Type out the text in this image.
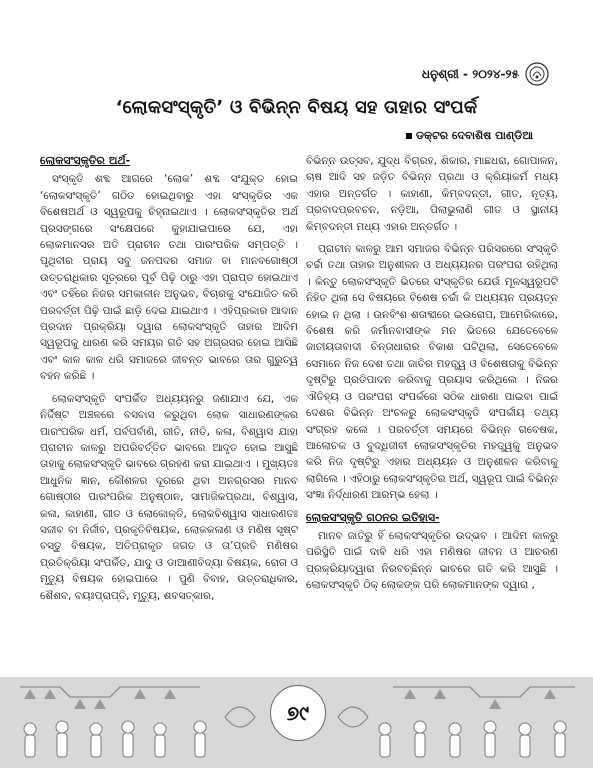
ଧନୁଶ୍ରୀ - ୨୦୨୪-୨୫
‘ଲୋକସଂସ୍କୃତି’ ଓ ବିଭିନ୍ନ ବିଷୟ ସହ ତାହାର ସଂପର୍କ
ଡକ୍ଟର ଦେବାଶିଷ ପାଣ୍ଡିଆ
ଲୋକସଂସ୍କୃତିର ଅର୍ଥ-

ସଂସ୍କୃତି ଶବ୍ଦ ଆଗରେ ‘ଲୋକ’ ଶବ୍ଦ ସଂଯୁକ୍ତ ହୋଇ ‘ଲୋକସଂସ୍କୃତି’ ଗଠିତ ହୋଇଥିବାରୁ ଏହା ସଂସ୍କୃତିର ଏକ ବିଶେଷଅର୍ଥ ଓ ସ୍ୱରୂପକୁ ଚିହ୍ନାଇଥାଏ । ଲୋକସଂସ୍କୃତିର ଅର୍ଥ ପ୍ରସଙ୍ଗରେ ସଂକ୍ଷେପରେ କୁହାଯାଇପାରେ ଯେ, ଏହା ଲୋକମାନସର ଅତି ପ୍ରାଚୀନ ତଥା ପାରଂପରିକ ସମ୍ପତ୍ତି । ପୃଥିବୀର ପ୍ରାୟ ସବୁ ଜନପଦର ସମାଜ ବା ମାନବଗୋଷ୍ଠୀ ଉତ୍ତରାଧିକାର ସୂତ୍ରରେ ପୂର୍ବ ପିଢ଼ି ଠାରୁ ଏହା ପ୍ରାପ୍ତ ହୋଇଥାଏ ଏବଂ ତହିଁରେ ନିଜର ସମକାଳୀନ ଅନୁଭବ, ବିଚାରକୁ ସଂଯୋଜିତ କରି ପରବର୍ତ୍ତୀ ପିଢ଼ି ପାଇଁ ଛାଡ଼ି ଦେଇ ଯାଇଥାଏ । ଏହିପ୍ରକାର ଆଦାନ ପ୍ରଦାନ ପ୍ରକ୍ରିୟା ଦ୍ୱାରା ଲୋକସଂସ୍କୃତି ତାହାର ଆଦିମ ସ୍ୱରୂପକୁ ଧାରଣ କରି ସମୟର ଗତି ସହ ଅଗ୍ରସର ହୋଇ ଆସିଛି ଏବଂ କାଳ କାଳ ଧରି ସମାଜରେ ଜୀବନ୍ତ ଭାବରେ ତାର ଗୁରୁତ୍ୱ ବହନ କରିଛି ।

ଲୋକସଂସ୍କୃତି ସଂପର୍କିତ ଅଧ୍ୟୟନରୁ ଜଣାଯାଏ ଯେ, ଏକ ନିର୍ଦ୍ଦିଷ୍ଟ ଅଞ୍ଚଳରେ ବସବାସ କରୁଥିବା ଲୋକ ସାଧାରଣଙ୍କର ପାରଂପରିକ ଧର୍ମ, ପର୍ବପର୍ବାଣି, ରୀତି, ନୀତି, କଳା, ବିଶ୍ୱାସ ଯାହା ପ୍ରାଚୀନ କାଳରୁ ଅପରିବର୍ତ୍ତିତ ଭାବରେ ଆଦୃତ ହୋଇ ଆସୁଛି ତାହାକୁ ଲୋକସଂସ୍କୃତି ଭାବରେ ଗ୍ରହଣ କରା ଯାଇଥାଏ । ମୁଖ୍ୟତଃ ଆଧୁନିକ ଜ୍ଞାନ, କୌଶଳର ଦୂରରେ ଥିବା ଅନଗ୍ରସର ମାନବ ଗୋଷ୍ଠୀର ପାରଂପରିକ ଅନୁଷ୍ଠାନ, ସାମାଜିକପ୍ରଥା, ବିଶ୍ୱାସ, କଳା, କାହାଣୀ, ଗୀତ ଓ ଲୋକୋକ୍ତି, ଲୋକବିଶ୍ୱାସ ସାଧାରଣତଃ ସଜୀବ ବା ନିର୍ଜୀବ, ପ୍ରକୃତିବିଷୟକ, ଲୋକକଳାଣ ଓ ମଣିଷ ସୃଷ୍ଟ ବସ୍ତୁ ବିଷୟକ, ଅତିପ୍ରାକୃତ ଜଗତ ଓ ତା’ପ୍ରତି ମଣିଷର ପ୍ରତିକ୍ରିୟା ସଂପର୍କିତ, ଯାଦୁ ଓ ଡାଆଣୀବିଦ୍ୟା ବିଷୟକ, ରୋଗ ଓ ମୃତ୍ୟୁ ବିଷୟକ ହୋଇପାରେ । ପୁଣି ବିବାହ, ଉତ୍ତରାଧିକାର, ଶୈଶବ, ବୟଃପ୍ରାପ୍ତି, ମୃତ୍ୟୁ, ଶବସତ୍କାର,

ବିଭିନ୍ନ ଉତ୍ସବ, ଯୁଦ୍ଧ ବିଗ୍ରହ, ଶିକାର, ମାଛଧରା, ଗୋପାଳନ, ଚାଷ ଆଦି ସହ ଜଡ଼ିତ ବିଭିନ୍ନ ପ୍ରଥା ଓ କ୍ରିୟାକର୍ମ ମଧ୍ୟ ଏହାର ଅନ୍ତର୍ଗତ । କାହାଣୀ, କିମ୍ବଦନ୍ତୀ, ଗୀତ, ନୃତ୍ୟ, ପ୍ରବାଦପ୍ରବଚନ, ନଡ଼ିଆ, ପିଲାଭୁଲାଣି ଗୀତ ଓ ସ୍ଥାନୀୟ କିମ୍ବଦନ୍ତୀ ମଧ୍ୟ ଏହାର ଅନ୍ତର୍ଗତ ।

ପ୍ରାଚୀନ କାଳରୁ ଆମ ସମାଜର ବିଭିନ୍ନ ପରିସରରେ ସଂସ୍କୃତି ଚର୍ଚ୍ଚା ତଥା ତାହାର ଅନୁଶୀଳନ ଓ ଅଧ୍ୟୟନର ପରଂପରା ରହିଥିଲା । କିନ୍ତୁ ଲୋକସଂସ୍କୃତି ଭିତରେ ସଂସ୍କୃତିର ଯେଉଁ ମୂଳସ୍ୱରୂପଟି ନିହିତ ଥିଲା ସେ ବିଷୟରେ ବିଶେଷ ଚର୍ଚ୍ଚା କି ଅଧ୍ୟୟନ ପ୍ରୟତ୍ନ ହୋଇ ନ ଥିଲା । ଉନବିଂଶ ଶତାବ୍ଦୀରେ ଇଉରୋପ, ଆମେରିକାରେ, ବିଶେଷ କରି ଜର୍ମାନବାସୀଙ୍କ ମନ ଭିତରେ ଯେତେବେଳେ ଜାତୀୟତାବାଦୀ ଚିନ୍ତାଧାରାର ବିକାଶ ଘଟିଥିଲା, ସେତେବେଳେ ସେମାନେ ନିଜ ଦେଶ ତଥା ଜାତିର ମହତ୍ତ୍ୱ ଓ ବିଶେଷତାକୁ ବିଭିନ୍ନ ଦୃଷ୍ଟିରୁ ପ୍ରତିପାଦନ କରିବାକୁ ପ୍ରୟାସ କରିଥିଲେ । ନିଜର ଐତିହ୍ୟ ଓ ପରଂପରା ସଂପର୍କରେ ସଠିକ ଧାରଣା ପାଇବା ପାଇଁ ଦେଶର ବିଭିନ୍ନ ଅଂଚଳରୁ ଲୋକସଂସ୍କୃତି ସଂପର୍କୀୟ ତଥ୍ୟ ସଂଗ୍ରହ କଲେ । ପରବର୍ତ୍ତୀ ସମୟରେ ବିଭିନ୍ନ ଗବେଷକ, ଆଲୋଚକ ଓ ବୁଦ୍ଧିଜୀବୀ ଲୋକସଂସ୍କୃତିର ମହତ୍ତ୍ୱକୁ ଅନୁଭବ କରି ନିଜ ଦୃଷ୍ଟିରୁ ଏହାର ଅଧ୍ୟୟନ ଓ ଅନୁଶୀଳନ କରିବାକୁ ଲାଗିଲେ । ଏହିଠାରୁ ଲୋକସଂସ୍କୃତିର ଅର୍ଥ, ସ୍ୱରୂପ ପାଇଁ ବିଭିନ୍ନ ସଂଜ୍ଞା ନିର୍ଦ୍ଧାରଣ ଆରମ୍ଭ ହେଲା ।

ଲୋକସଂସ୍କୃତି ଗଠନର ଇତିହାସ-

ମାନବ ଜାତିରୁ ହିଁ ଲୋକସଂସ୍କୃତିର ଉଦ୍ଭବ । ଆଦିମ କାଳରୁ ପରିସ୍ଥିତି ପାଇଁ ଦାବି ଧରି ଏହା ମଣିଷର ଜୀବନ ଓ ଆଚରଣ ପ୍ରକ୍ରିୟାଦ୍ୱାରା ନିରବଚ୍ଛିନ୍ନ ଭାବରେ ଗତି କରି ଆସୁଛି । ଲୋକସଂସ୍କୃତି ଠିକ୍ ଲୋକଙ୍କ ପରି ଲୋକମାନଙ୍କ ଦ୍ୱାରା ,

୭୯
